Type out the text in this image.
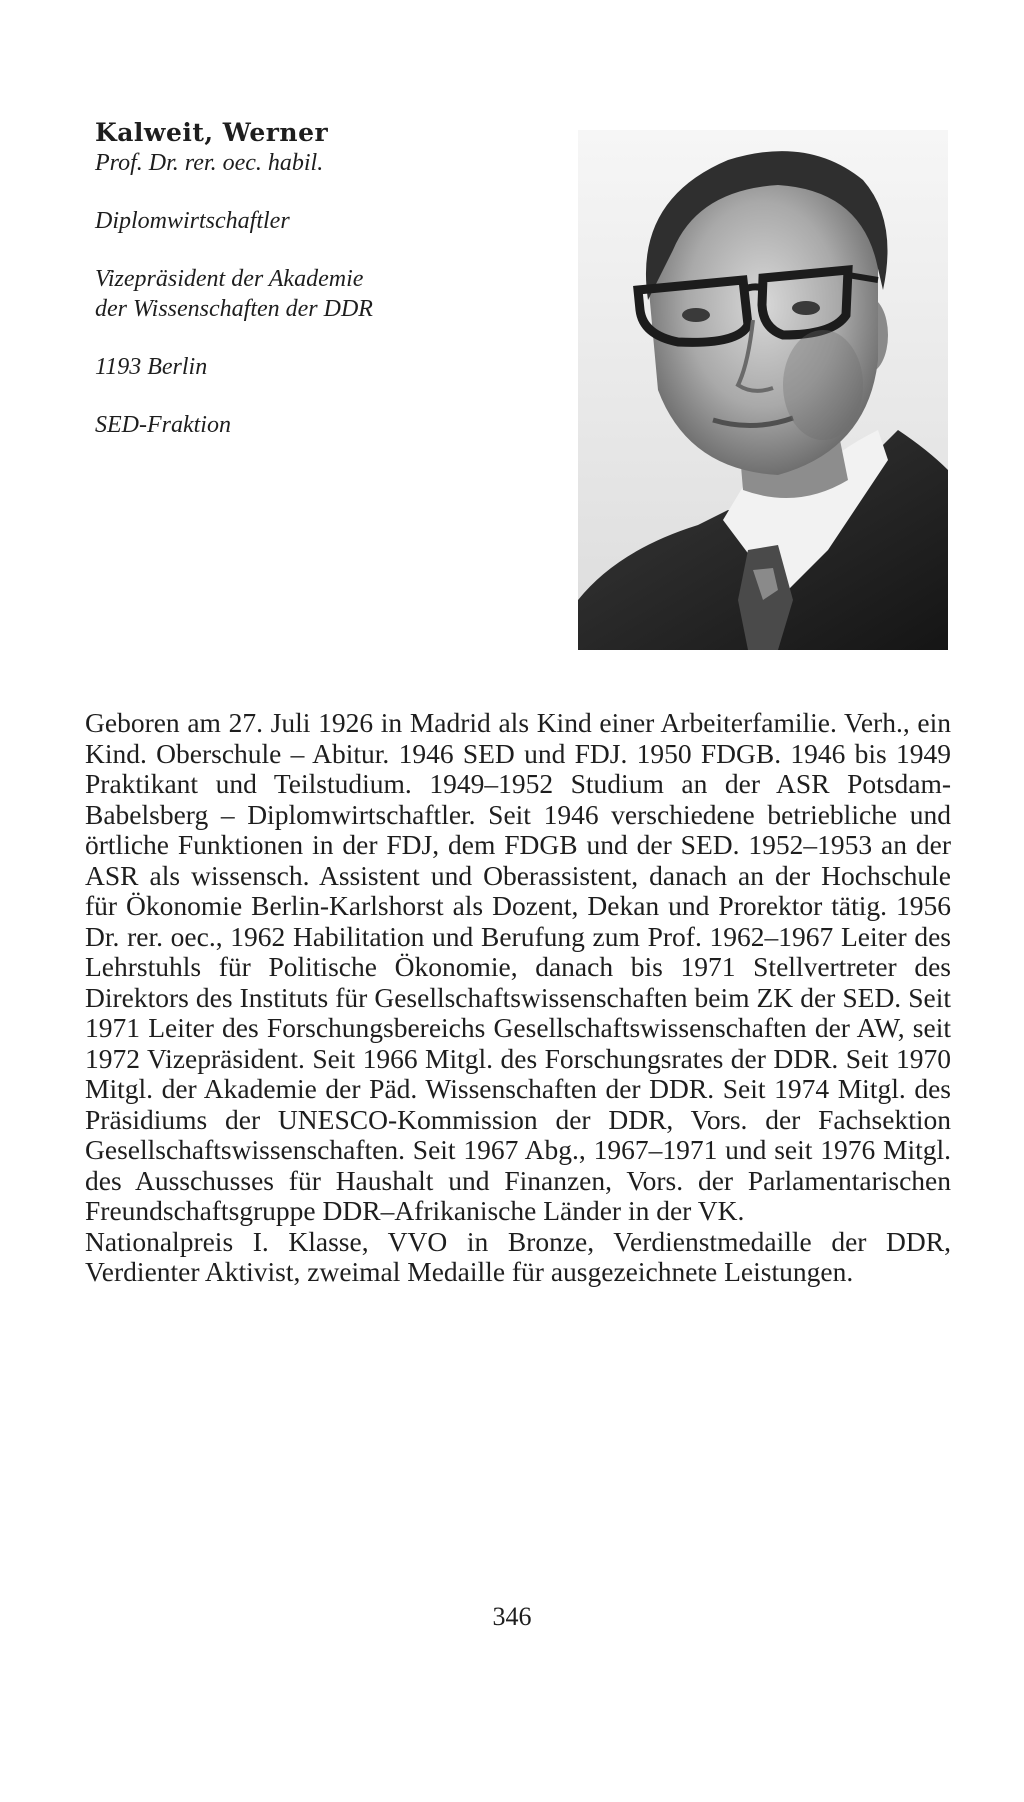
Kalweit, Werner

Prof. Dr. rer. oec. habil.

Diplomwirtschaftler

Vizepräsident der Akademie

der Wissenschaften der DDR

1193 Berlin

SED-Fraktion

Geboren am 27. Juli 1926 in Madrid als Kind einer Arbeiterfamilie. Verh., ein Kind. Oberschule – Abitur. 1946 SED und FDJ. 1950 FDGB. 1946 bis 1949 Praktikant und Teilstudium. 1949–1952 Studium an der ASR Potsdam-Babelsberg – Diplomwirtschaftler. Seit 1946 verschiedene betriebliche und örtliche Funktionen in der FDJ, dem FDGB und der SED. 1952–1953 an der ASR als wissensch. Assistent und Oberassistent, danach an der Hochschule für Ökonomie Berlin-Karlshorst als Dozent, Dekan und Prorektor tätig. 1956 Dr. rer. oec., 1962 Habilitation und Berufung zum Prof. 1962–1967 Leiter des Lehrstuhls für Politische Ökonomie, danach bis 1971 Stellvertreter des Direktors des Instituts für Gesellschaftswissenschaften beim ZK der SED. Seit 1971 Leiter des Forschungsbereichs Gesellschaftswissenschaften der AW, seit 1972 Vizepräsident. Seit 1966 Mitgl. des Forschungsrates der DDR. Seit 1970 Mitgl. der Akademie der Päd. Wissenschaften der DDR. Seit 1974 Mitgl. des Präsidiums der UNESCO-Kommission der DDR, Vors. der Fachsektion Gesellschaftswissenschaften. Seit 1967 Abg., 1967–1971 und seit 1976 Mitgl. des Ausschusses für Haushalt und Finanzen, Vors. der Parlamentarischen Freundschaftsgruppe DDR–Afrikanische Länder in der VK.

Nationalpreis I. Klasse, VVO in Bronze, Verdienstmedaille der DDR, Verdienter Aktivist, zweimal Medaille für ausgezeichnete Leistungen.

346
